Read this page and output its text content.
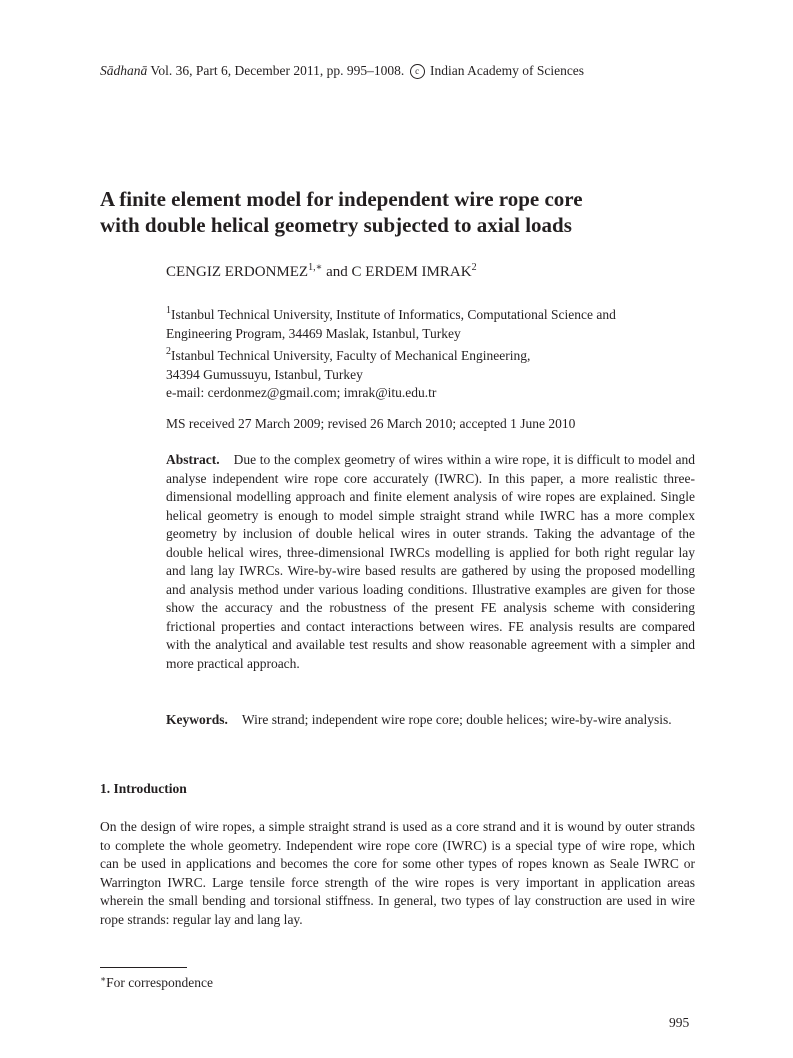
Sādhanā Vol. 36, Part 6, December 2011, pp. 995–1008. c Indian Academy of Sciences
A finite element model for independent wire rope core
with double helical geometry subjected to axial loads
CENGIZ $ERDONMEZ^{1,∗}$ and C ERDEM IMRAK$^2$
$^1$Istanbul Technical University, Institute of Informatics, Computational Science and
Engineering Program, 34469 Maslak, Istanbul, Turkey
$^2$Istanbul Technical University, Faculty of Mechanical Engineering,
34394 Gumussuyu, Istanbul, Turkey
e-mail: cerdonmez@gmail.com; imrak@itu.edu.tr
MS received 27 March 2009; revised 26 March 2010; accepted 1 June 2010

Abstract. Due to the complex geometry of wires within a wire rope, it is difficult to model and analyse independent wire rope core accurately (IWRC). In this paper, a more realistic three-dimensional modelling approach and finite element analysis of wire ropes are explained. Single helical geometry is enough to model simple straight strand while IWRC has a more complex geometry by inclusion of double helical wires in outer strands. Taking the advantage of the double helical wires, three-dimensional IWRCs modelling is applied for both right regular lay and lang lay IWRCs. Wire-by-wire based results are gathered by using the proposed modelling and analysis method under various loading conditions. Illustrative examples are given for those show the accuracy and the robustness of the present FE analysis scheme with considering frictional properties and contact interactions between wires. FE analysis results are compared with the analytical and available test results and show reasonable agreement with a simpler and more practical approach.

Keywords. Wire strand; independent wire rope core; double helices; wire-by-wire analysis.
1. Introduction

On the design of wire ropes, a simple straight strand is used as a core strand and it is wound by outer strands to complete the whole geometry. Independent wire rope core (IWRC) is a special type of wire rope, which can be used in applications and becomes the core for some other types of ropes known as Seale IWRC or Warrington IWRC. Large tensile force strength of the wire ropes is very important in application areas wherein the small bending and torsional stiffness. In general, two types of lay construction are used in wire rope strands: regular lay and lang lay.

∗For correspondence
995
